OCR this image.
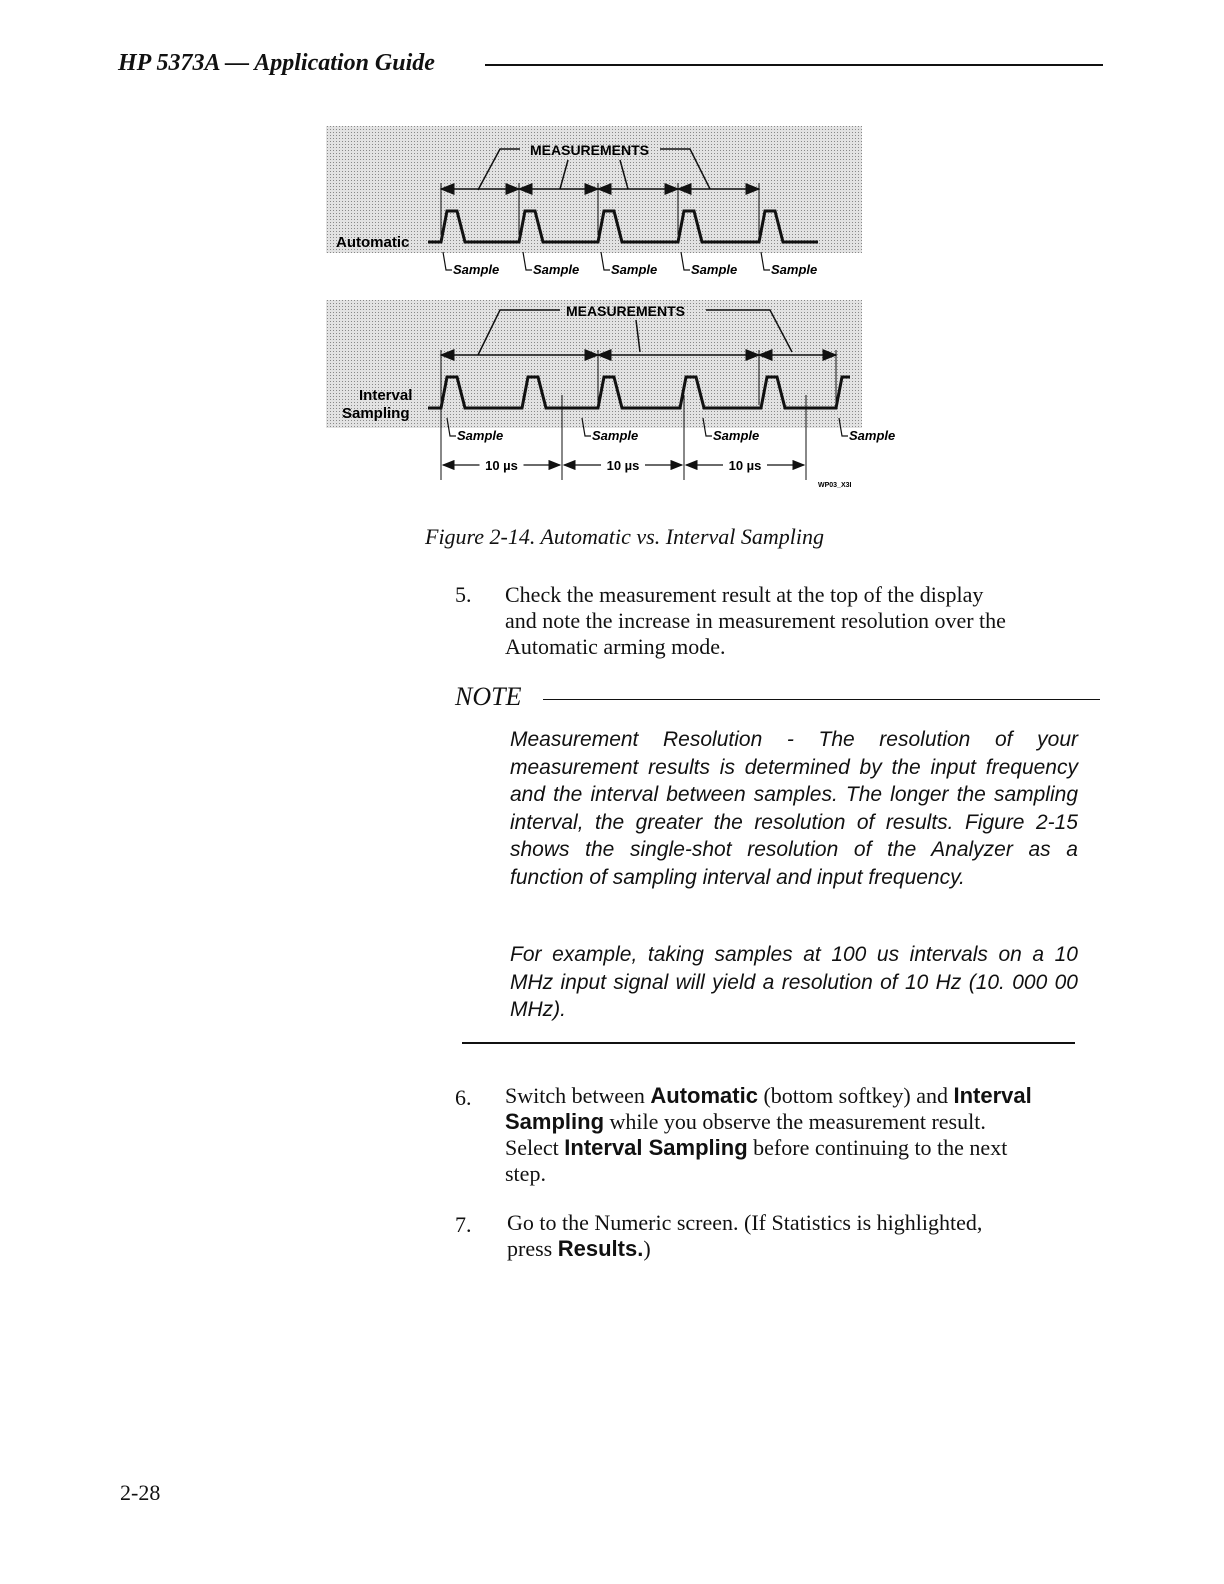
HP 5373A — Application Guide
MEASUREMENTS
MEASUREMENTS
Automatic
Interval
Sampling
Sample	Sample Sample	Sample	Sample
Sample	Sample	Sample	Sample
10 µs	10 µs	10 µs
WP03_X3I
Figure 2-14. Automatic vs. Interval Sampling
5. Check the measurement result at the top of the display
and note the increase in measurement resolution over the
Automatic arming mode.
NOTE
Measurement Resolution - The resolution of your measurement results is determined by the input frequency and the interval between samples. The longer the sampling interval, the greater the resolution of results. Figure 2-15 shows the single-shot resolution of the Analyzer as a function of sampling interval and input frequency.
For example, taking samples at 100 us intervals on a 10 MHz input signal will yield a resolution of 10 Hz (10. 000 00 MHz).
6. Switch between Automatic (bottom softkey) and Interval
Sampling while you observe the measurement result.
Select Interval Sampling before continuing to the next
step.
7. Go to the Numeric screen. (If Statistics is highlighted,
press Results.)
2-28
